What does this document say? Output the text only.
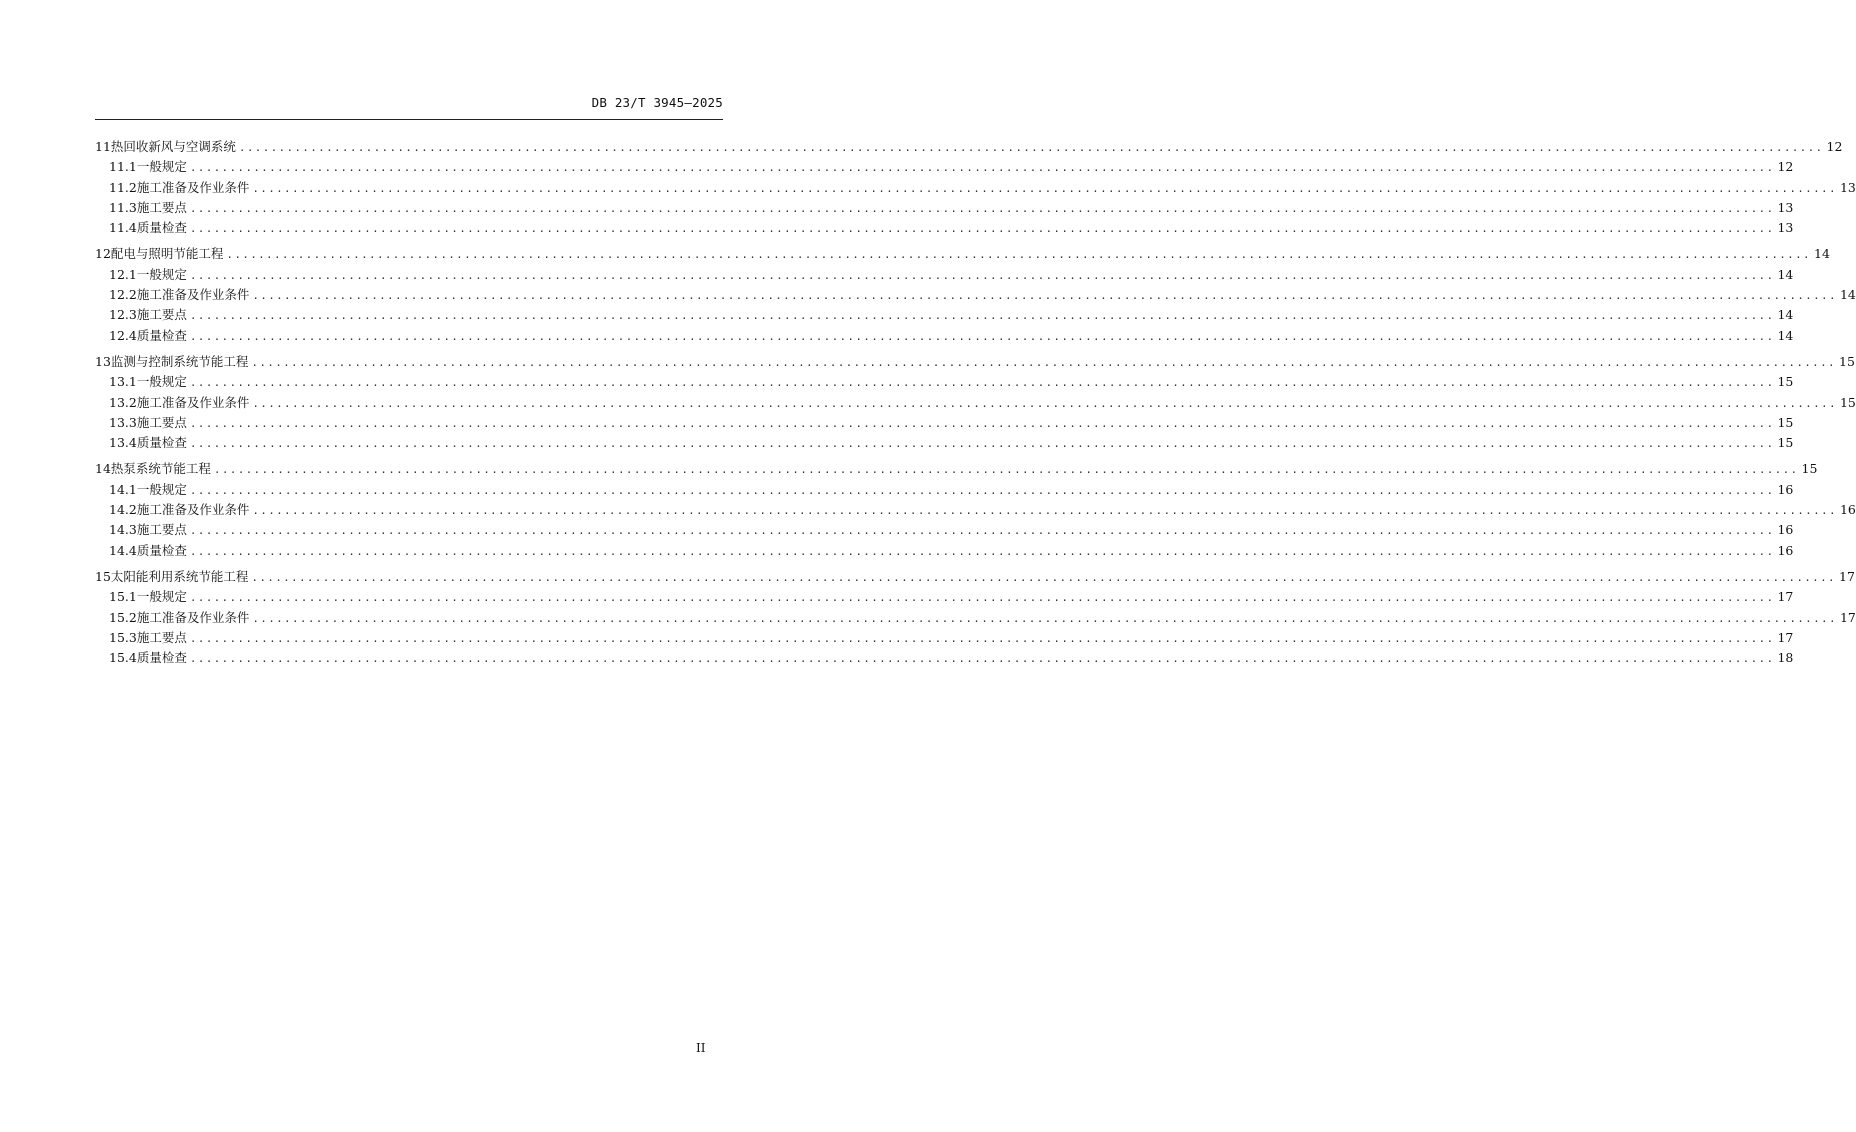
DB 23/T 3945—2025
11 热回收新风与空调系统 ........................................................................................................................................................................................................ 12
11.1 一般规定 ........................................................................................................................................................................................................ 12
11.2 施工准备及作业条件 ........................................................................................................................................................................................................ 13
11.3 施工要点 ........................................................................................................................................................................................................ 13
11.4 质量检查 ........................................................................................................................................................................................................ 13
12 配电与照明节能工程 ........................................................................................................................................................................................................ 14
12.1 一般规定 ........................................................................................................................................................................................................ 14
12.2 施工准备及作业条件 ........................................................................................................................................................................................................ 14
12.3 施工要点 ........................................................................................................................................................................................................ 14
12.4 质量检查 ........................................................................................................................................................................................................ 14
13 监测与控制系统节能工程 ........................................................................................................................................................................................................ 15
13.1 一般规定 ........................................................................................................................................................................................................ 15
13.2 施工准备及作业条件 ........................................................................................................................................................................................................ 15
13.3 施工要点 ........................................................................................................................................................................................................ 15
13.4 质量检查 ........................................................................................................................................................................................................ 15
14 热泵系统节能工程 ........................................................................................................................................................................................................ 15
14.1 一般规定 ........................................................................................................................................................................................................ 16
14.2 施工准备及作业条件 ........................................................................................................................................................................................................ 16
14.3 施工要点 ........................................................................................................................................................................................................ 16
14.4 质量检查 ........................................................................................................................................................................................................ 16
15 太阳能利用系统节能工程 ........................................................................................................................................................................................................ 17
15.1 一般规定 ........................................................................................................................................................................................................ 17
15.2 施工准备及作业条件 ........................................................................................................................................................................................................ 17
15.3 施工要点 ........................................................................................................................................................................................................ 17
15.4 质量检查 ........................................................................................................................................................................................................ 18
II
